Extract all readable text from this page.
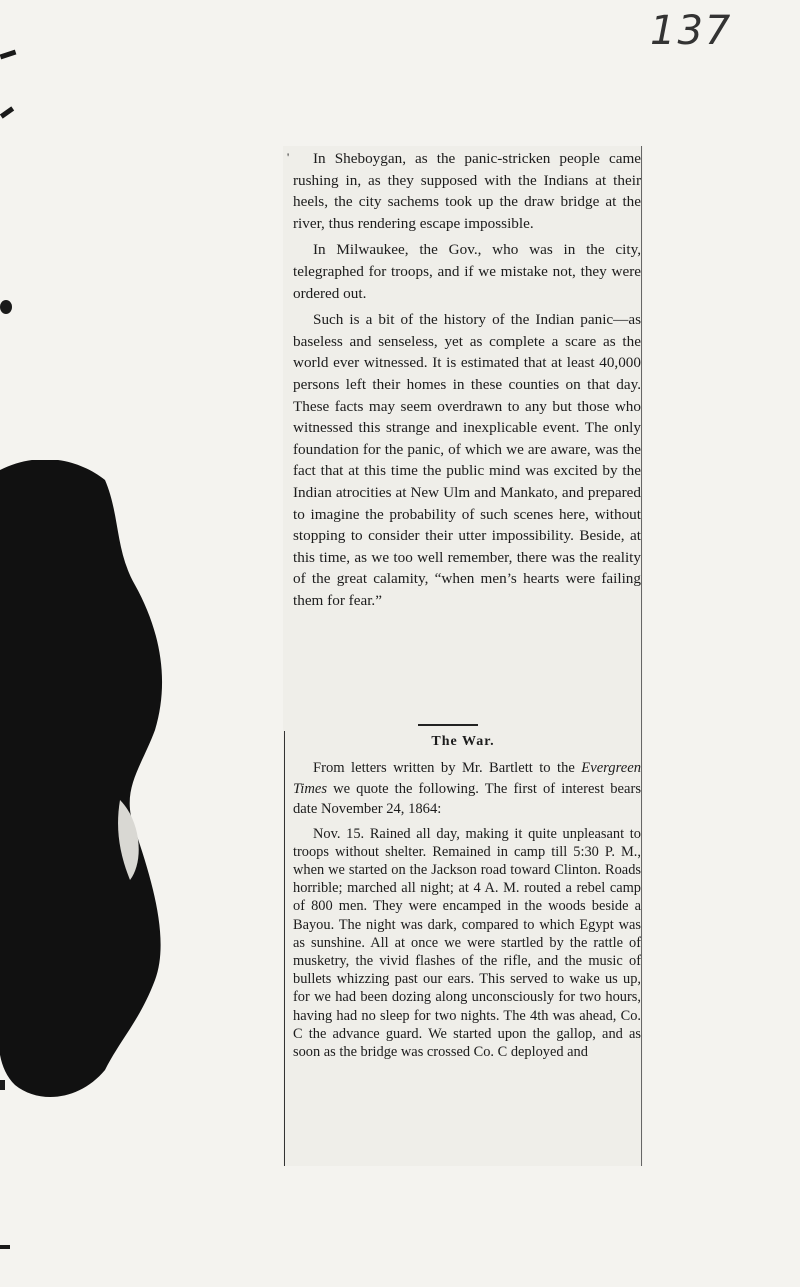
137
'	In Sheboygan, as the panic-stricken people came rushing in, as they supposed with the Indians at their heels, the city sachems took up the draw bridge at the river, thus rendering escape impossible.

In Milwaukee, the Gov., who was in the city, telegraphed for troops, and if we mistake not, they were ordered out.

Such is a bit of the history of the Indian panic—as baseless and senseless, yet as complete a scare as the world ever witnessed. It is estimated that at least 40,000 persons left their homes in these counties on that day. These facts may seem overdrawn to any but those who witnessed this strange and inexplicable event. The only foundation for the panic, of which we are aware, was the fact that at this time the public mind was excited by the Indian atrocities at New Ulm and Mankato, and prepared to imagine the probability of such scenes here, without stopping to consider their utter impossibility. Beside, at this time, as we too well remember, there was the reality of the great calamity, “when men’s hearts were failing them for fear.”

The War.

From letters written by Mr. Bartlett to the Evergreen Times we quote the following. The first of interest bears date November 24, 1864:

Nov. 15. Rained all day, making it quite unpleasant to troops without shelter. Remained in camp till 5:30 P. M., when we started on the Jackson road toward Clinton. Roads horrible; marched all night; at 4 A. M. routed a rebel camp of 800 men. They were encamped in the woods beside a Bayou. The night was dark, compared to which Egypt was as sunshine. All at once we were startled by the rattle of musketry, the vivid flashes of the rifle, and the music of bullets whizzing past our ears. This served to wake us up, for we had been dozing along unconsciously for two hours, having had no sleep for two nights. The 4th was ahead, Co. C the advance guard. We started upon the gallop, and as soon as the bridge was crossed Co. C deployed and
